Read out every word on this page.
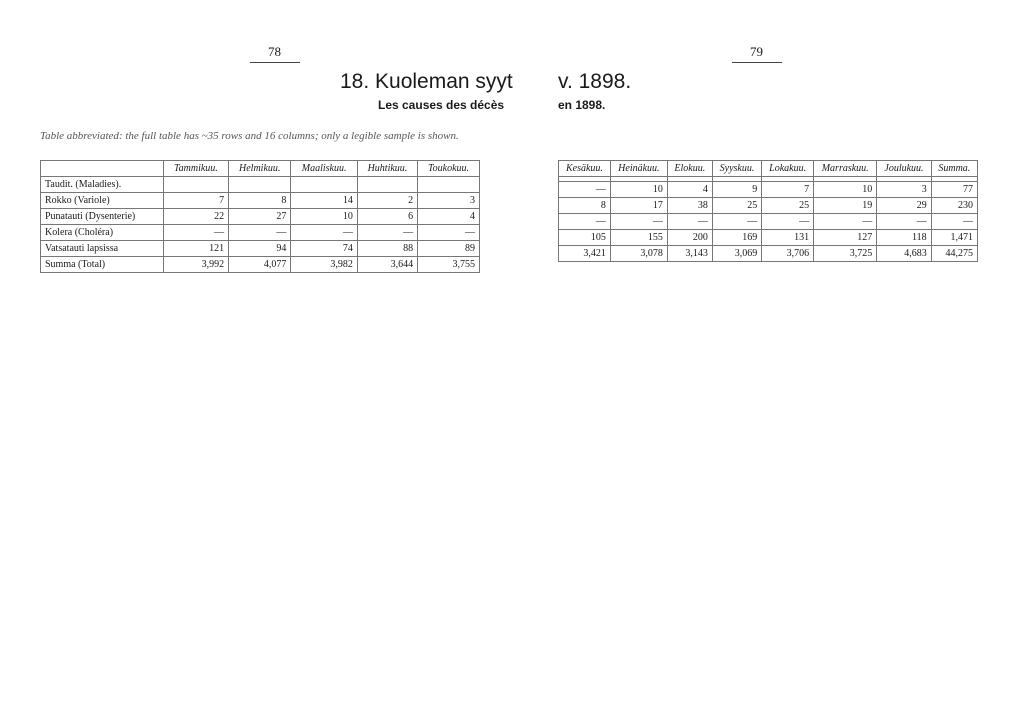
78	79
18. Kuoleman syyt v. 1898.
Les causes des décès	en 1898.
Table abbreviated: the full table has ~35 rows and 16 columns; only a legible sample is shown.
	Tammikuu.	Helmikuu.	Maaliskuu.	Huhtikuu.	Toukokuu.
Taudit. (Maladies).					
Rokko (Variole)	7	8	14	2	3
Punatauti (Dysenterie)	22	27	10	6	4
Kolera (Choléra)	—	—	—	—	—
Vatsatauti lapsissa	121	94	74	88	89
Summa (Total)	3,992	4,077	3,982	3,644	3,755
Kesäkuu.	Heinäkuu.	Elokuu.	Syyskuu.	Lokakuu.	Marraskuu.	Joulukuu.	Summa.

—	10	4	9	7	10	3	77
8	17	38	25	25	19	29	230
—	—	—	—	—	—	—	—
105	155	200	169	131	127	118	1,471
3,421	3,078	3,143	3,069	3,706	3,725	4,683	44,275
